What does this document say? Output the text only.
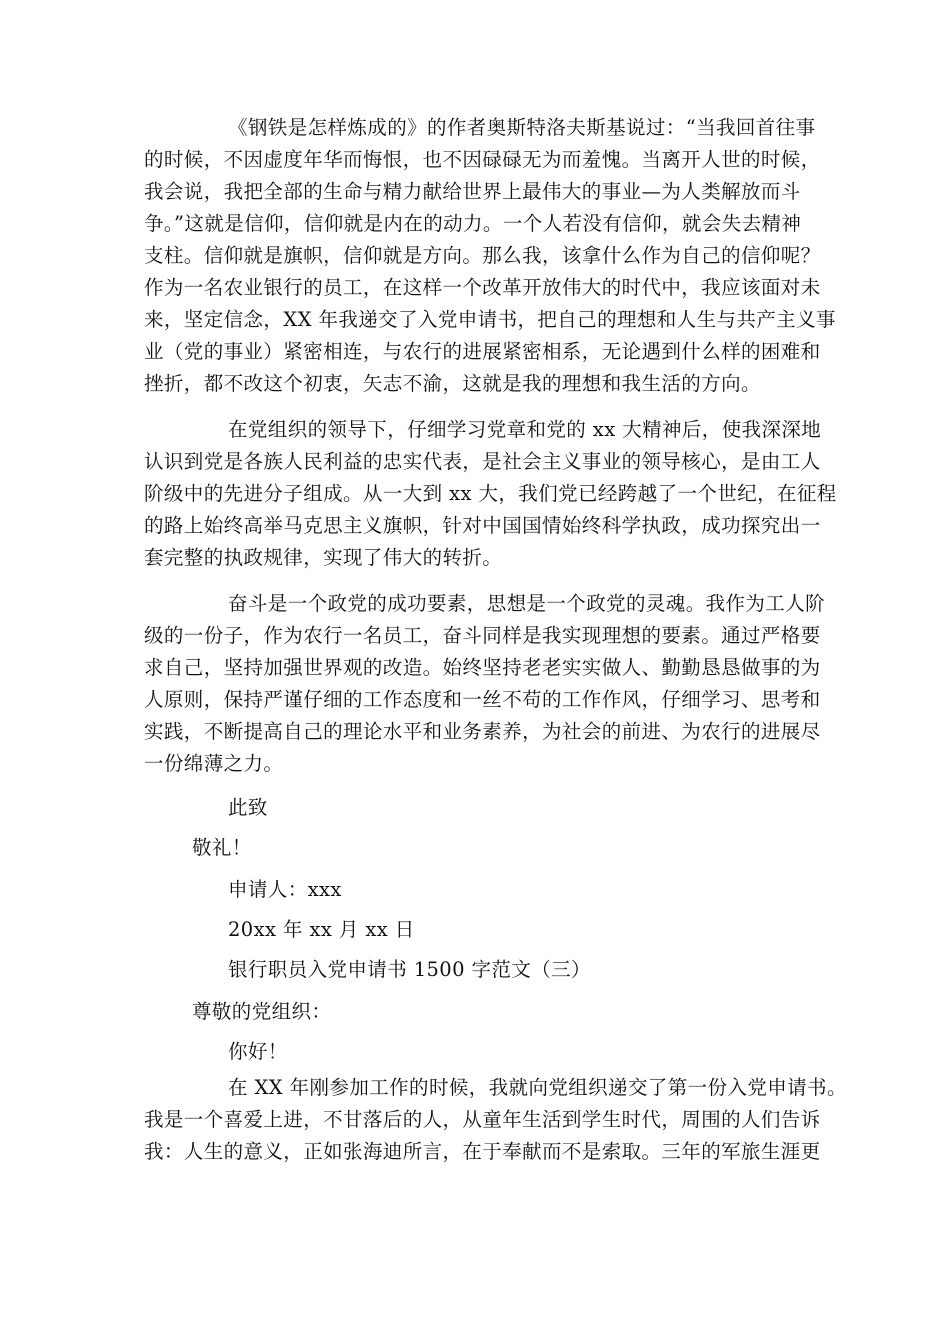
《钢铁是怎样炼成的》的作者奥斯特洛夫斯基说过：“当我回首往事
的时候，不因虚度年华而悔恨，也不因碌碌无为而羞愧。当离开人世的时候，
我会说，我把全部的生命与精力献给世界上最伟大的事业—为人类解放而斗
争。”这就是信仰，信仰就是内在的动力。一个人若没有信仰，就会失去精神
支柱。信仰就是旗帜，信仰就是方向。那么我，该拿什么作为自己的信仰呢？
作为一名农业银行的员工，在这样一个改革开放伟大的时代中，我应该面对未
来，坚定信念，XX 年我递交了入党申请书，把自己的理想和人生与共产主义事
业（党的事业）紧密相连，与农行的进展紧密相系，无论遇到什么样的困难和
挫折，都不改这个初衷，矢志不渝，这就是我的理想和我生活的方向。
在党组织的领导下，仔细学习党章和党的 xx 大精神后，使我深深地
认识到党是各族人民利益的忠实代表，是社会主义事业的领导核心，是由工人
阶级中的先进分子组成。从一大到 xx 大，我们党已经跨越了一个世纪，在征程
的路上始终高举马克思主义旗帜，针对中国国情始终科学执政，成功探究出一
套完整的执政规律，实现了伟大的转折。
奋斗是一个政党的成功要素，思想是一个政党的灵魂。我作为工人阶
级的一份子，作为农行一名员工，奋斗同样是我实现理想的要素。通过严格要
求自己，坚持加强世界观的改造。始终坚持老老实实做人、勤勤恳恳做事的为
人原则，保持严谨仔细的工作态度和一丝不苟的工作作风，仔细学习、思考和
实践，不断提高自己的理论水平和业务素养，为社会的前进、为农行的进展尽
一份绵薄之力。

此致

敬礼！

申请人：xxx

20xx 年 xx 月 xx 日

银行职员入党申请书 1500 字范文（三）

尊敬的党组织：

你好！

在 XX 年刚参加工作的时候，我就向党组织递交了第一份入党申请书。
我是一个喜爱上进，不甘落后的人，从童年生活到学生时代，周围的人们告诉
我：人生的意义，正如张海迪所言，在于奉献而不是索取。三年的军旅生涯更
